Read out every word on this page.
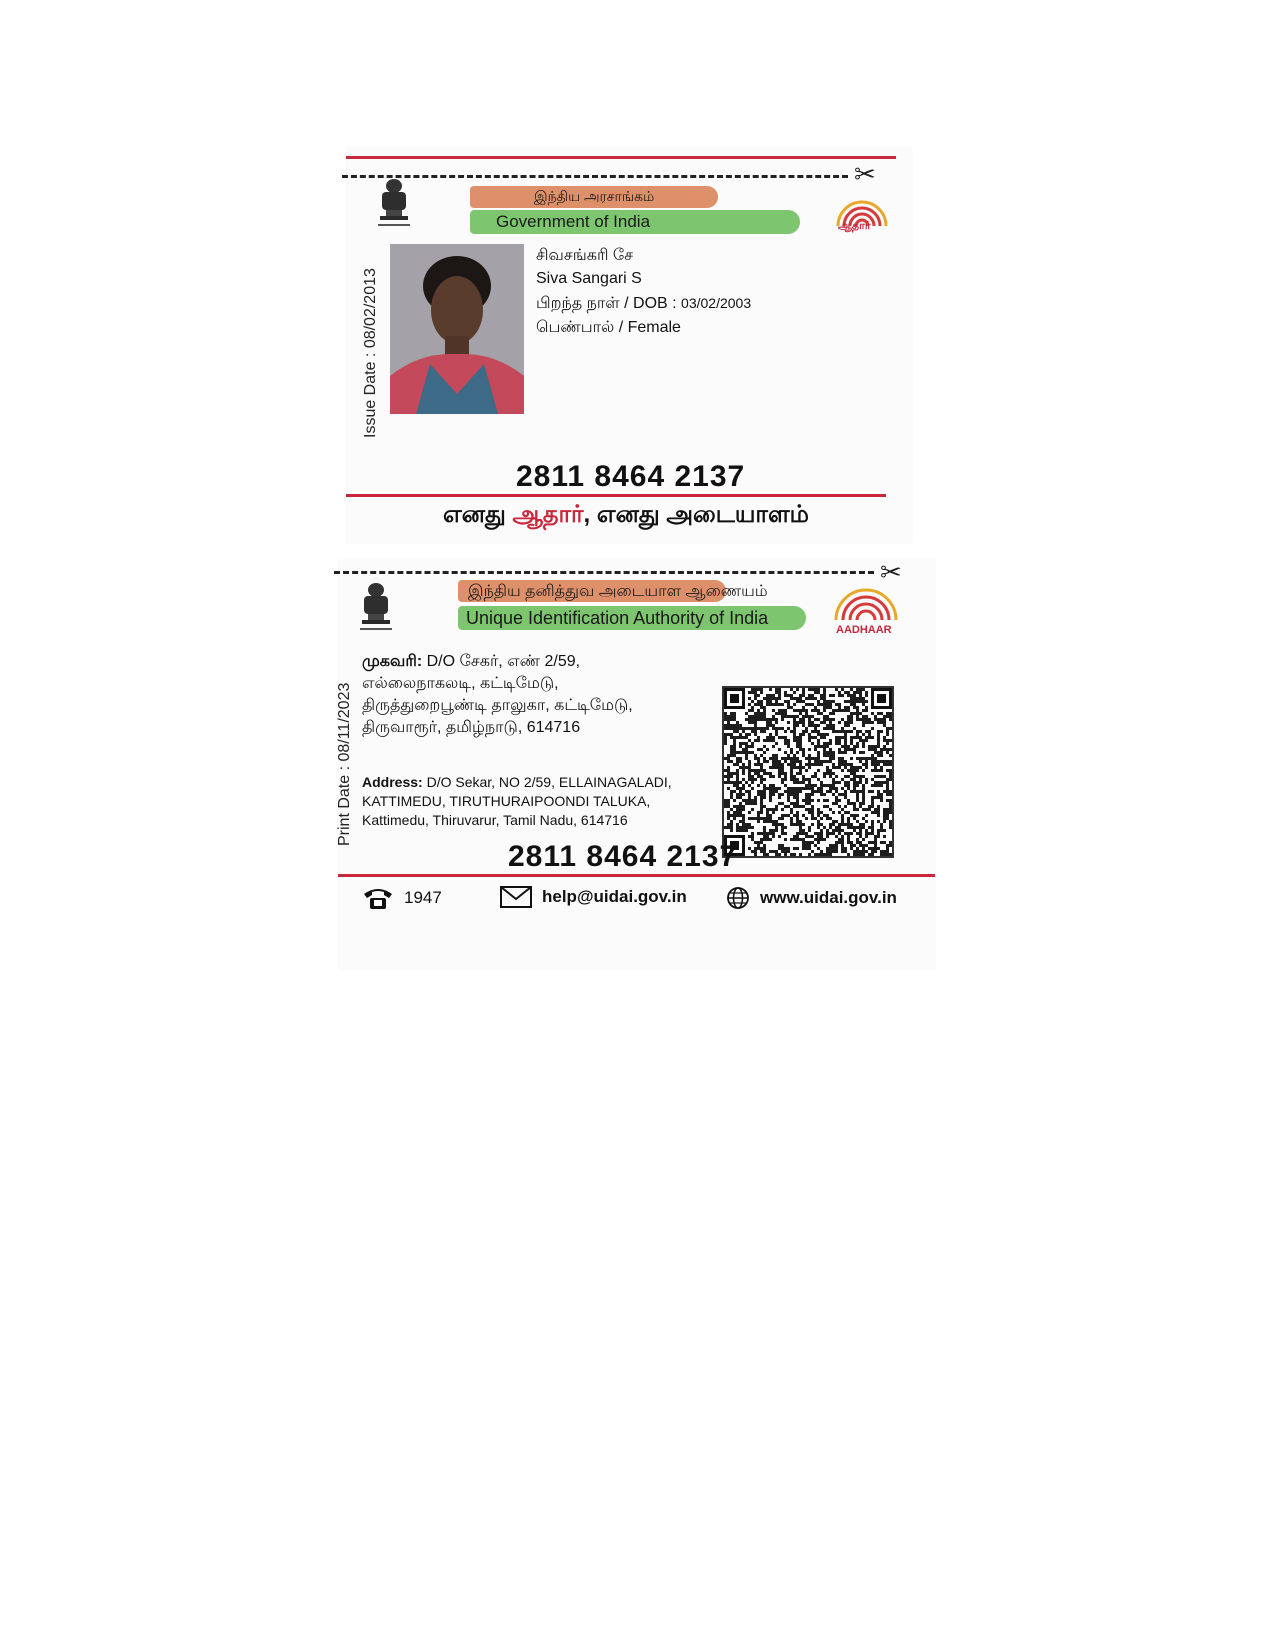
✂
இந்திய அரசாங்கம்
Government of India	ஆதார்
Issue Date : 08/02/2013
சிவசங்கரி சே
Siva Sangari S
பிறந்த நாள் / DOB : 03/02/2003
பெண்பால் / Female
2811 8464 2137
எனது ஆதார், எனது அடையாளம்
✂
இந்திய தனித்துவ அடையாள ஆணையம்
Unique Identification Authority of India
AADHAAR
Print Date : 08/11/2023
முகவரி: D/O சேகர், எண் 2/59,
எல்லைநாகலடி, கட்டிமேடு,
திருத்துறைபூண்டி தாலுகா, கட்டிமேடு,
திருவாரூர், தமிழ்நாடு, 614716
Address: D/O Sekar, NO 2/59, ELLAINAGALADI,
KATTIMEDU, TIRUTHURAIPOONDI TALUKA,
Kattimedu, Thiruvarur, Tamil Nadu, 614716
2811 8464 2137
1947	help@uidai.gov.in	www.uidai.gov.in
